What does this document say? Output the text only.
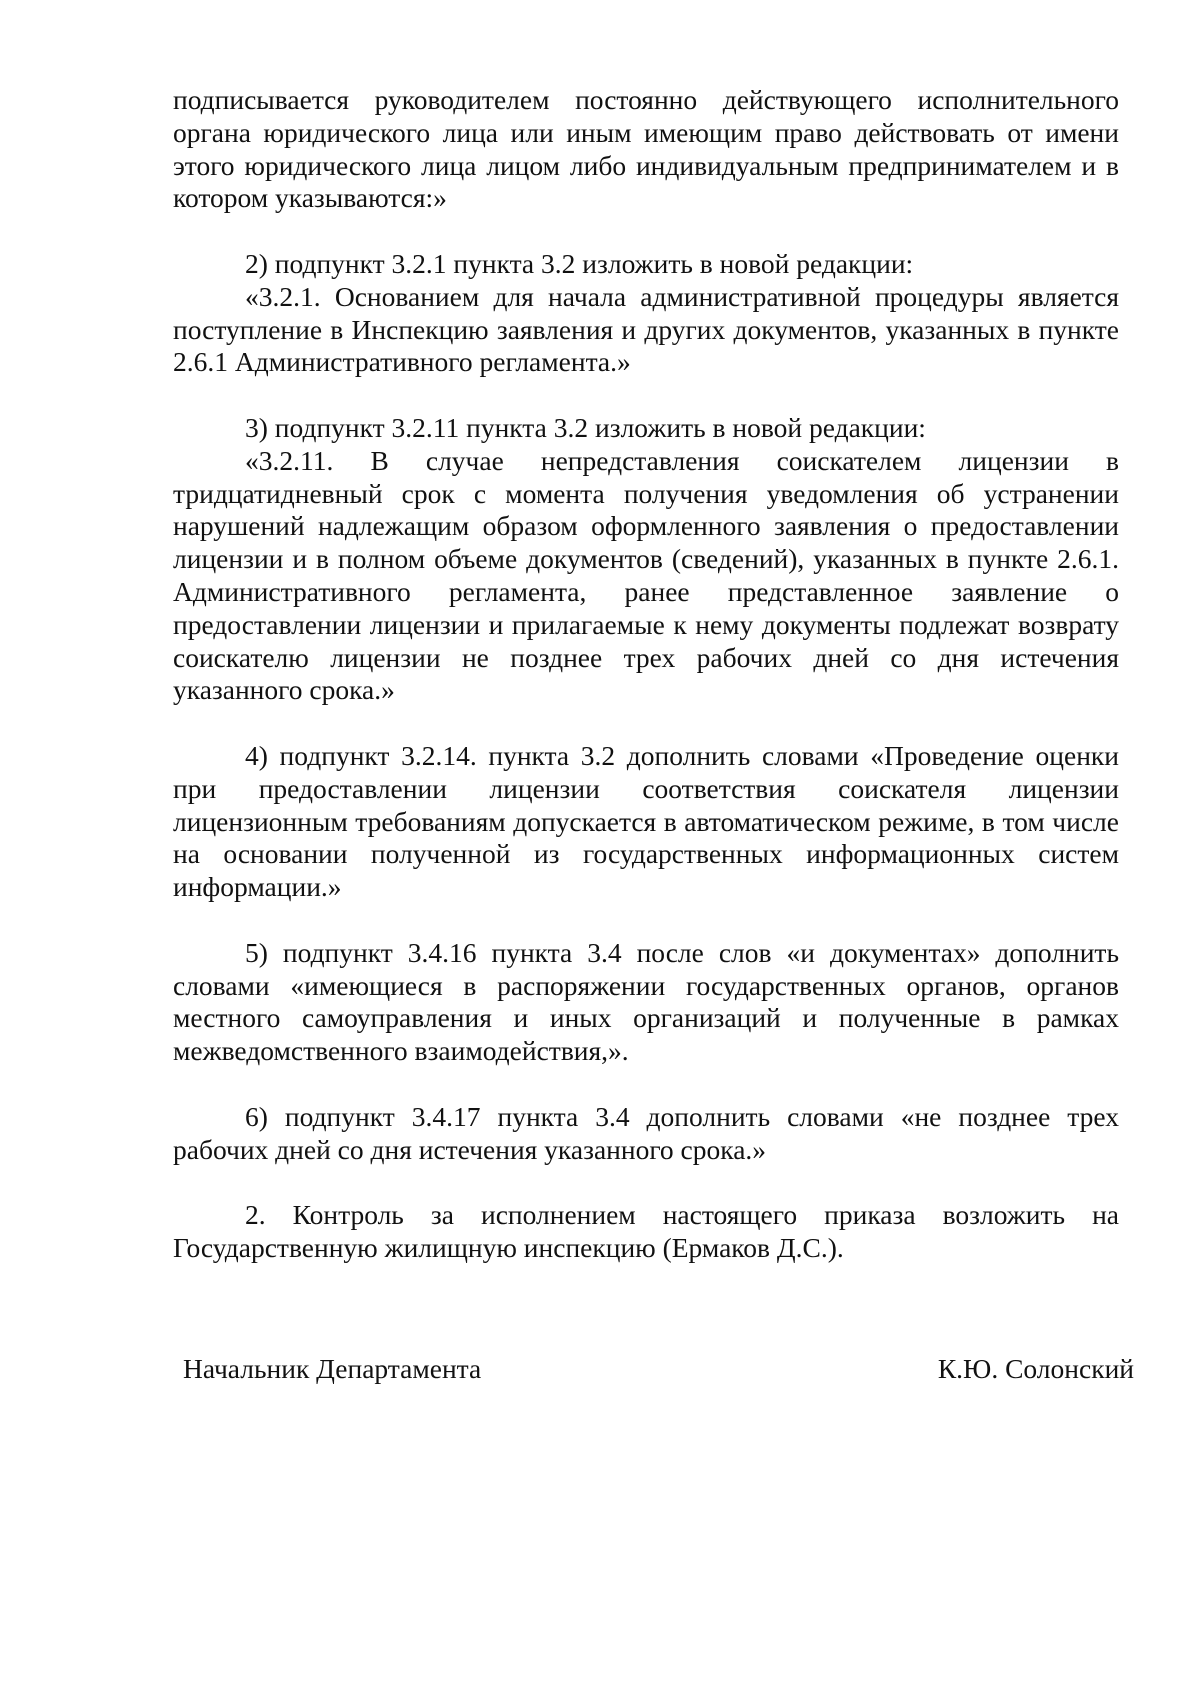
подписывается руководителем постоянно действующего исполнительного органа юридического лица или иным имеющим право действовать от имени этого юридического лица лицом либо индивидуальным предпринимателем и в котором указываются:»

2) подпункт 3.2.1 пункта 3.2 изложить в новой редакции:

«3.2.1. Основанием для начала административной процедуры является поступление в Инспекцию заявления и других документов, указанных в пункте 2.6.1 Административного регламента.»

3) подпункт 3.2.11 пункта 3.2 изложить в новой редакции:

«3.2.11. В случае непредставления соискателем лицензии в тридцатидневный срок с момента получения уведомления об устранении нарушений надлежащим образом оформленного заявления о предоставлении лицензии и в полном объеме документов (сведений), указанных в пункте 2.6.1. Административного регламента, ранее представленное заявление о предоставлении лицензии и прилагаемые к нему документы подлежат возврату соискателю лицензии не позднее трех рабочих дней со дня истечения указанного срока.»

4) подпункт 3.2.14. пункта 3.2 дополнить словами «Проведение оценки при предоставлении лицензии соответствия соискателя лицензии лицензионным требованиям допускается в автоматическом режиме, в том числе на основании полученной из государственных информационных систем информации.»

5) подпункт 3.4.16 пункта 3.4 после слов «и документах» дополнить словами «имеющиеся в распоряжении государственных органов, органов местного самоуправления и иных организаций и полученные в рамках межведомственного взаимодействия,».

6) подпункт 3.4.17 пункта 3.4 дополнить словами «не позднее трех рабочих дней со дня истечения указанного срока.»

2. Контроль за исполнением настоящего приказа возложить на Государственную жилищную инспекцию (Ермаков Д.С.).

Начальник Департамента	К.Ю. Солонский
